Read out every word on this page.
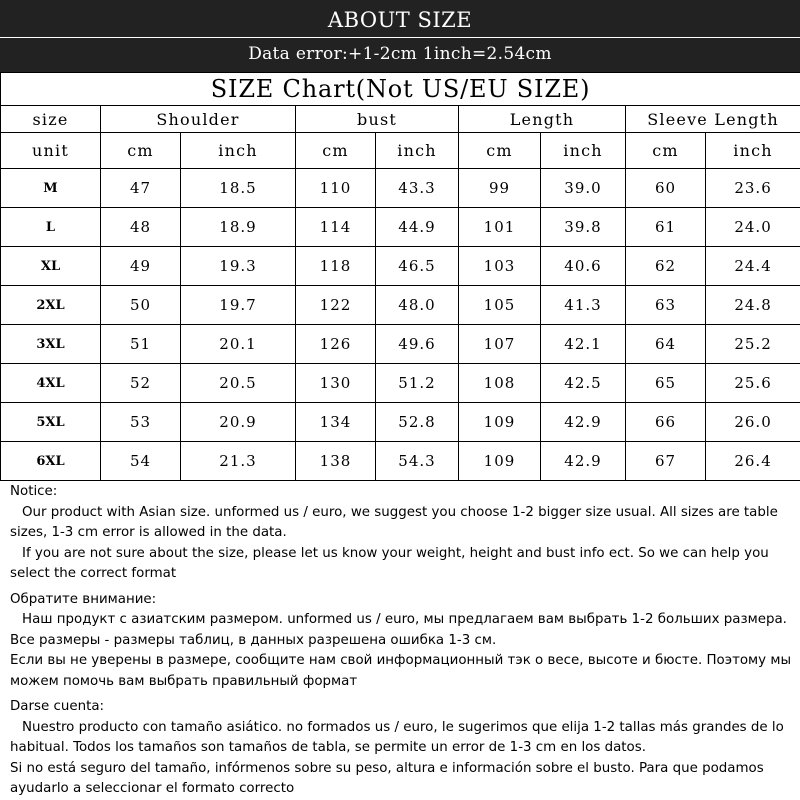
ABOUT SIZE
Data error:+1-2cm 1inch=2.54cm
SIZE Chart(Not US/EU SIZE)								
size	Shoulder		bust		Length		Sleeve Length	
unit	cm	inch	cm	inch	cm	inch	cm	inch
M	47	18.5	110	43.3	99	39.0	60	23.6
L	48	18.9	114	44.9	101	39.8	61	24.0
XL	49	19.3	118	46.5	103	40.6	62	24.4
2XL	50	19.7	122	48.0	105	41.3	63	24.8
3XL	51	20.1	126	49.6	107	42.1	64	25.2
4XL	52	20.5	130	51.2	108	42.5	65	25.6
5XL	53	20.9	134	52.8	109	42.9	66	26.0
6XL	54	21.3	138	54.3	109	42.9	67	26.4

Notice:

Our product with Asian size. unformed us / euro, we suggest you choose 1-2 bigger size usual. All sizes are table sizes, 1-3 cm error is allowed in the data.

If you are not sure about the size, please let us know your weight, height and bust info ect. So we can help you select the correct format

Обратите внимание:

Наш продукт с азиатским размером. unformed us / euro, мы предлагаем вам выбрать 1-2 больших размера. Все размеры - размеры таблиц, в данных разрешена ошибка 1-3 см.

Если вы не уверены в размере, сообщите нам свой информационный тэк о весе, высоте и бюсте. Поэтому мы можем помочь вам выбрать правильный формат

Darse cuenta:

Nuestro producto con tamaño asiático. no formados us / euro, le sugerimos que elija 1-2 tallas más grandes de lo habitual. Todos los tamaños son tamaños de tabla, se permite un error de 1-3 cm en los datos.

Si no está seguro del tamaño, infórmenos sobre su peso, altura e información sobre el busto. Para que podamos ayudarlo a seleccionar el formato correcto
